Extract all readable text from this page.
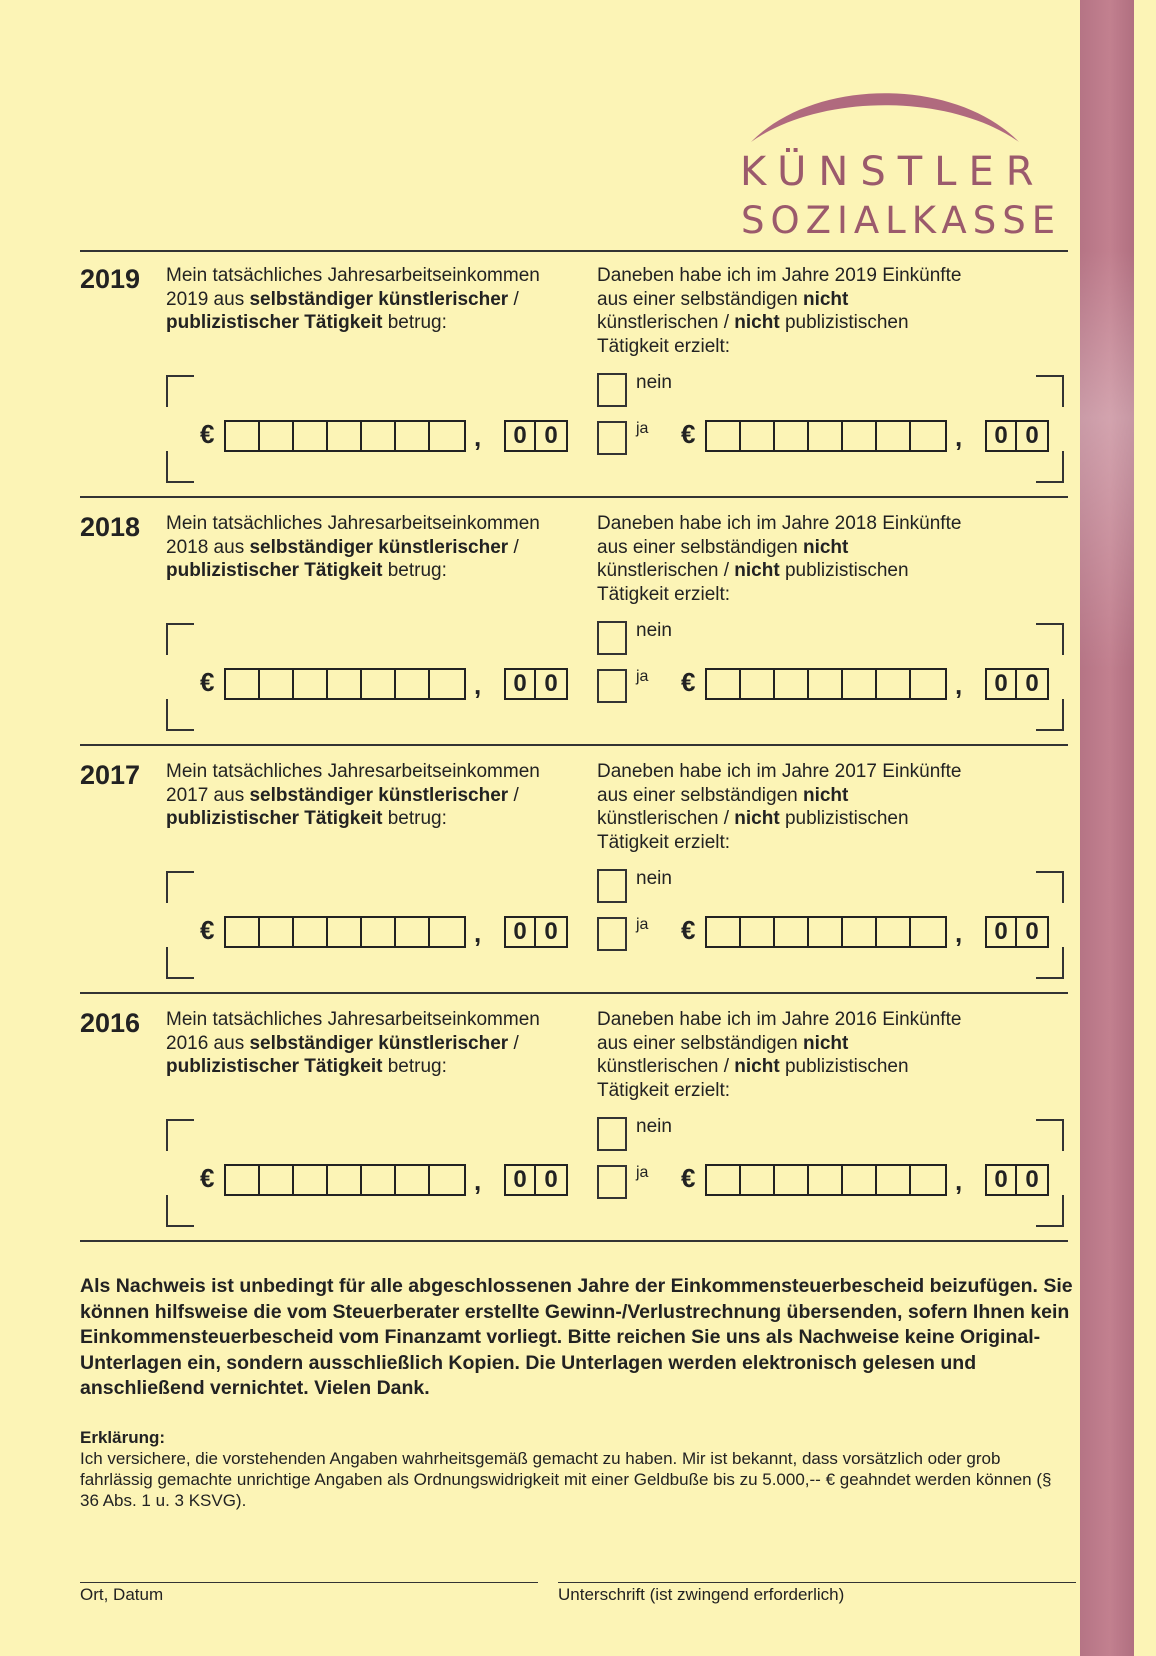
KÜNSTLER
SOZIALKASSE
2019 Mein tatsächliches Jahresarbeitseinkommen
2019 aus selbständiger künstlerischer /
publizistischer Tätigkeit betrug:
Daneben habe ich im Jahre 2019 Einkünfte
aus einer selbständigen nicht
künstlerischen / nicht publizistischen
Tätigkeit erzielt:
€	,	0 0
nein
ja €	,	0 0
2018 Mein tatsächliches Jahresarbeitseinkommen
2018 aus selbständiger künstlerischer /
publizistischer Tätigkeit betrug:
Daneben habe ich im Jahre 2018 Einkünfte
aus einer selbständigen nicht
künstlerischen / nicht publizistischen
Tätigkeit erzielt:
€	,	0 0
nein
ja €	,	0 0
2017 Mein tatsächliches Jahresarbeitseinkommen
2017 aus selbständiger künstlerischer /
publizistischer Tätigkeit betrug:
Daneben habe ich im Jahre 2017 Einkünfte
aus einer selbständigen nicht
künstlerischen / nicht publizistischen
Tätigkeit erzielt:
€	,	0 0
nein
ja €	,	0 0
2016 Mein tatsächliches Jahresarbeitseinkommen
2016 aus selbständiger künstlerischer /
publizistischer Tätigkeit betrug:
Daneben habe ich im Jahre 2016 Einkünfte
aus einer selbständigen nicht
künstlerischen / nicht publizistischen
Tätigkeit erzielt:
€	,	0 0
nein
ja €	,	0 0
Als Nachweis ist unbedingt für alle abgeschlossenen Jahre der Einkommensteuerbescheid beizufügen. Sie können hilfsweise die vom Steuerberater erstellte Gewinn-/Verlustrechnung übersenden, sofern Ihnen kein Einkommensteuerbescheid vom Finanzamt vorliegt. Bitte reichen Sie uns als Nachweise keine Original-Unterlagen ein, sondern ausschließlich Kopien. Die Unterlagen werden elektronisch gelesen und anschließend vernichtet. Vielen Dank.
Erklärung:
Ich versichere, die vorstehenden Angaben wahrheitsgemäß gemacht zu haben. Mir ist bekannt, dass vorsätzlich oder grob fahrlässig gemachte unrichtige Angaben als Ordnungswidrigkeit mit einer Geldbuße bis zu 5.000,-- € geahndet werden können (§ 36 Abs. 1 u. 3 KSVG).
Ort, Datum	Unterschrift (ist zwingend erforderlich)
